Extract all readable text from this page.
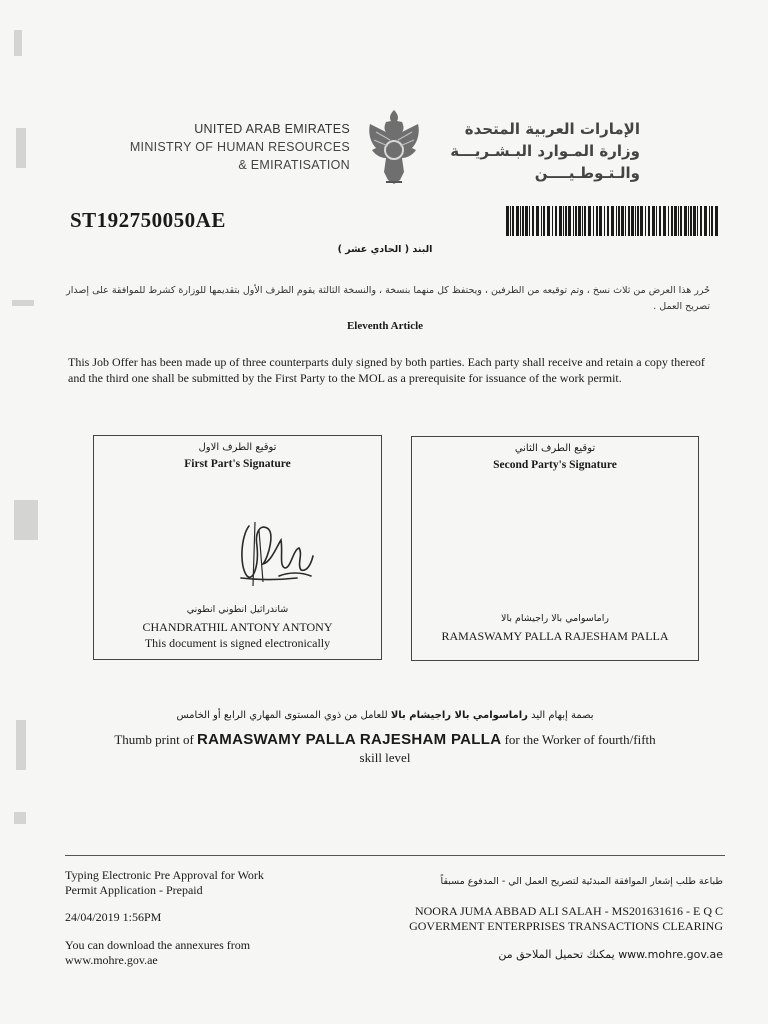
UNITED ARAB EMIRATES
MINISTRY OF HUMAN RESOURCES
& EMIRATISATION
الإمارات العربية المتحدة
وزارة المـوارد البـشـريـــة
والـتـوطـيــــن
ST192750050AE
البند ( الحادي عشر )
حُرر هذا العرض من ثلاث نسخ ، وتم توقيعه من الطرفين ، ويحتفظ كل منهما بنسخة ، والنسخة الثالثة يقوم الطرف الأول بتقديمها للوزارة كشرط للموافقة على إصدار تصريح العمل .
Eleventh Article
This Job Offer has been made up of three counterparts duly signed by both parties. Each party shall receive and retain a copy thereof and the third one shall be submitted by the First Party to the MOL as a prerequisite for issuance of the work permit.
توقيع الطرف الاول
First Part's Signature
شاندراثيل انطوني انطوني
CHANDRATHIL ANTONY ANTONY
This document is signed electronically
توقيع الطرف الثاني
Second Party's Signature
راماسوامي بالا راجيشام بالا
RAMASWAMY PALLA RAJESHAM PALLA
بصمة إبهام اليد راماسوامي بالا راجيشام بالا للعامل من ذوي المستوى المهاري الرابع أو الخامس
Thumb print of RAMASWAMY PALLA RAJESHAM PALLA for the Worker of fourth/fifth
skill level
Typing Electronic Pre Approval for Work
Permit Application - Prepaid
طباعة طلب إشعار الموافقة المبدئية لتصريح العمل الي - المدفوع مسبقاً
24/04/2019 1:56PM	NOORA JUMA ABBAD ALI SALAH - MS201631616 - E Q C
GOVERMENT ENTERPRISES TRANSACTIONS CLEARING
You can download the annexures from
www.mohre.gov.ae	www.mohre.gov.ae يمكنك تحميل الملاحق من
